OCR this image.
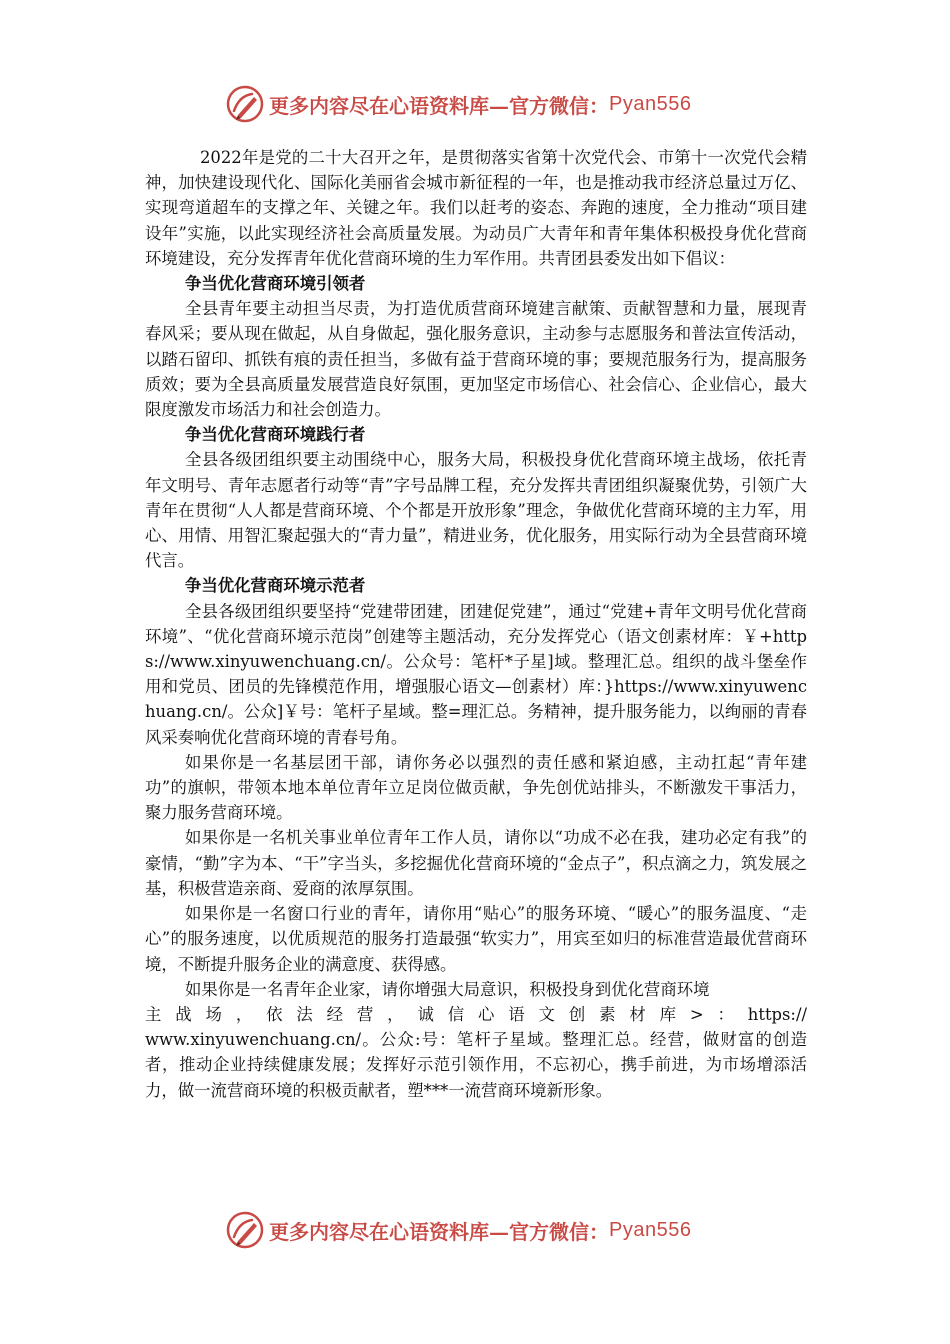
更多内容尽在心语资料库—官方微信： Pyan556

2022年是党的二十大召开之年，是贯彻落实省第十次党代会、市第十一次党代会精神，加快建设现代化、国际化美丽省会城市新征程的一年，也是推动我市经济总量过万亿、实现弯道超车的支撑之年、关键之年。我们以赶考的姿态、奔跑的速度，全力推动“项目建设年”实施，以此实现经济社会高质量发展。为动员广大青年和青年集体积极投身优化营商环境建设，充分发挥青年优化营商环境的生力军作用。共青团县委发出如下倡议：

争当优化营商环境引领者

全县青年要主动担当尽责，为打造优质营商环境建言献策、贡献智慧和力量，展现青春风采；要从现在做起，从自身做起，强化服务意识，主动参与志愿服务和普法宣传活动，以踏石留印、抓铁有痕的责任担当，多做有益于营商环境的事；要规范服务行为，提高服务质效；要为全县高质量发展营造良好氛围，更加坚定市场信心、社会信心、企业信心，最大限度激发市场活力和社会创造力。

争当优化营商环境践行者

全县各级团组织要主动围绕中心，服务大局，积极投身优化营商环境主战场，依托青年文明号、青年志愿者行动等“青”字号品牌工程，充分发挥共青团组织凝聚优势，引领广大青年在贯彻“人人都是营商环境、个个都是开放形象”理念，争做优化营商环境的主力军，用心、用情、用智汇聚起强大的“青力量”，精进业务，优化服务，用实际行动为全县营商环境代言。

争当优化营商环境示范者

全县各级团组织要坚持“党建带团建，团建促党建”，通过“党建+青年文明号优化营商环境”、“优化营商环境示范岗”创建等主题活动，充分发挥党心（语文创素材库：￥+https://www.xinyuwenchuang.cn/。公众号：笔杆*子星]域。整理汇总。组织的战斗堡垒作用和党员、团员的先锋模范作用，增强服心语文—创素材）库：}https://www.xinyuwenchuang.cn/。公众]￥号：笔杆子星域。整=理汇总。务精神，提升服务能力，以绚丽的青春风采奏响优化营商环境的青春号角。

如果你是一名基层团干部，请你务必以强烈的责任感和紧迫感，主动扛起“青年建功”的旗帜，带领本地本单位青年立足岗位做贡献，争先创优站排头，不断激发干事活力，聚力服务营商环境。

如果你是一名机关事业单位青年工作人员，请你以“功成不必在我，建功必定有我”的豪情，“勤”字为本、“干”字当头，多挖掘优化营商环境的“金点子”，积点滴之力，筑发展之基，积极营造亲商、爱商的浓厚氛围。

如果你是一名窗口行业的青年，请你用“贴心”的服务环境、“暖心”的服务温度、“走心”的服务速度，以优质规范的服务打造最强“软实力”，用宾至如归的标准营造最优营商环境，不断提升服务企业的满意度、获得感。

如果你是一名青年企业家，请你增强大局意识，积极投身到优化营商环境

主战场，依法经营，诚信心语文创素材库>：https://

www.xinyuwenchuang.cn/。公众:号：笔杆子星域。整理汇总。经营，做财富的创造者，推动企业持续健康发展；发挥好示范引领作用，不忘初心，携手前进，为市场增添活力，做一流营商环境的积极贡献者，塑***一流营商环境新形象。

更多内容尽在心语资料库—官方微信： Pyan556
